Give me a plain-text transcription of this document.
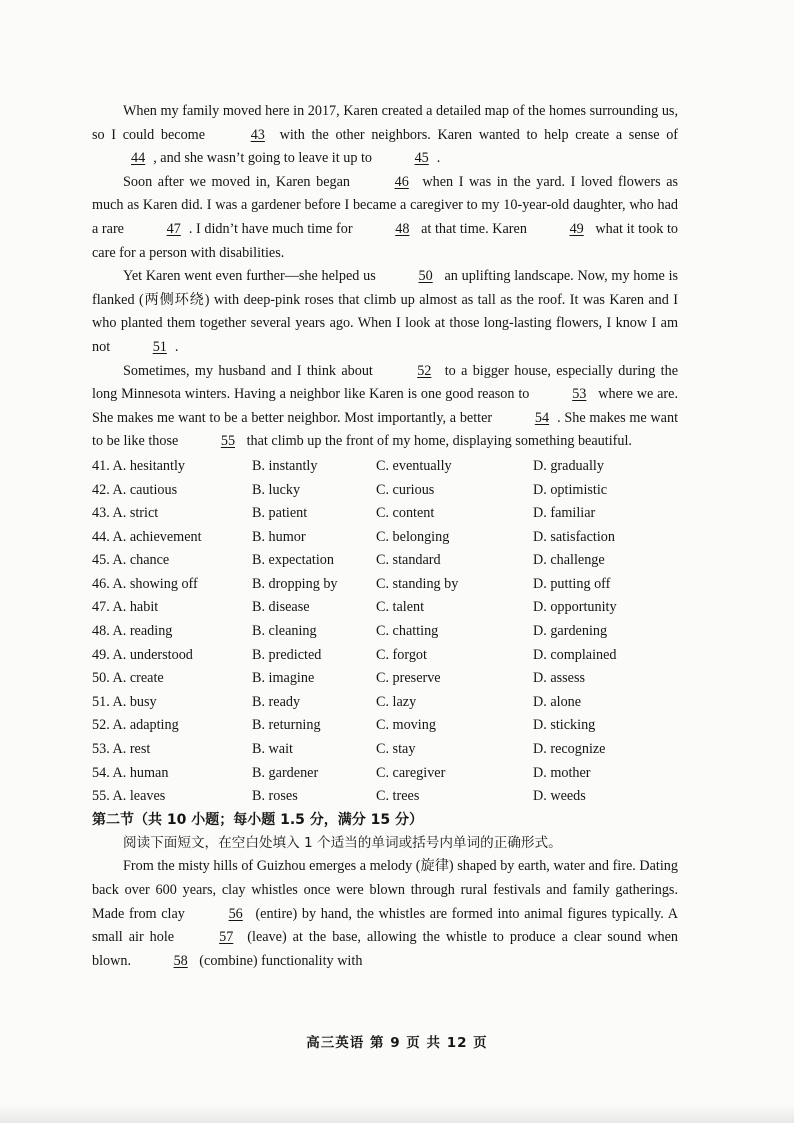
When my family moved here in 2017, Karen created a detailed map of the homes surrounding us, so I could become	43 with the other neighbors. Karen wanted to help create a sense of 44 , and she wasn’t going to leave it up to	45 .

Soon after we moved in, Karen began	46 when I was in the yard. I loved flowers as much as Karen did. I was a gardener before I became a caregiver to my 10-year-old daughter, who had a rare	47 . I didn’t have much time for	48 at that time. Karen	49 what it took to care for a person with disabilities.

Yet Karen went even further—she helped us	50 an uplifting landscape. Now, my home is flanked (两侧环绕) with deep-pink roses that climb up almost as tall as the roof. It was Karen and I who planted them together several years ago. When I look at those long-lasting flowers, I know I am not	51 .

Sometimes, my husband and I think about	52 to a bigger house, especially during the long Minnesota winters. Having a neighbor like Karen is one good reason to	53 where we are. She makes me want to be a better neighbor. Most importantly, a better	54 . She makes me want to be like those	55 that climb up the front of my home, displaying something beautiful.

41. A. hesitantly	B. instantly	C. eventually	D. gradually
42. A. cautious	B. lucky	C. curious	D. optimistic
43. A. strict	B. patient	C. content	D. familiar
44. A. achievement	B. humor	C. belonging	D. satisfaction
45. A. chance	B. expectation	C. standard	D. challenge
46. A. showing off	B. dropping by	C. standing by	D. putting off
47. A. habit	B. disease	C. talent	D. opportunity
48. A. reading	B. cleaning	C. chatting	D. gardening
49. A. understood	B. predicted	C. forgot	D. complained
50. A. create	B. imagine	C. preserve	D. assess
51. A. busy	B. ready	C. lazy	D. alone
52. A. adapting	B. returning	C. moving	D. sticking
53. A. rest	B. wait	C. stay	D. recognize
54. A. human	B. gardener	C. caregiver	D. mother
55. A. leaves	B. roses	C. trees	D. weeds

第二节（共 10 小题；每小题 1.5 分，满分 15 分）

阅读下面短文，在空白处填入 1 个适当的单词或括号内单词的正确形式。

From the misty hills of Guizhou emerges a melody (旋律) shaped by earth, water and fire. Dating back over 600 years, clay whistles once were blown through rural festivals and family gatherings. Made from clay	56 (entire) by hand, the whistles are formed into animal figures typically. A small air hole	57 (leave) at the base, allowing the whistle to produce a clear sound when blown.	58 (combine) functionality with

高三英语 第 9 页 共 12 页
